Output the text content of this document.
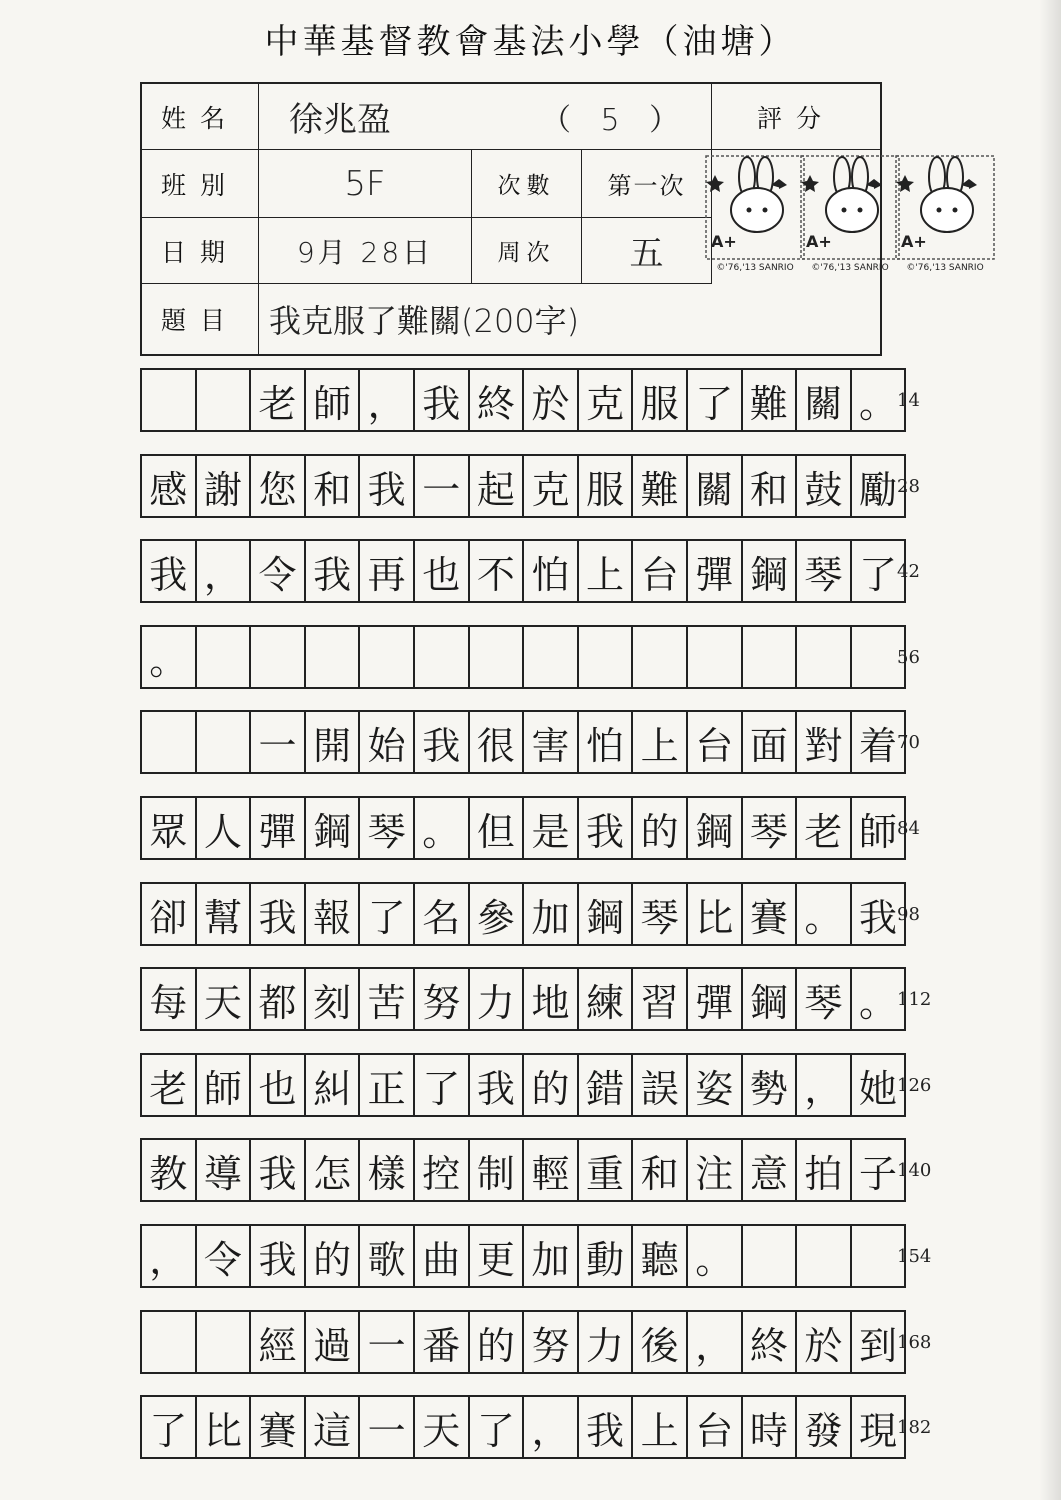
中華基督教會基法小學（油塘）
姓名 徐兆盈	（ 5 ）	評分
班別	5F	次數 第一次
日期 9月 28日	周次 五
題目 我克服了難關(200字)
A+
©'76,'13 SANRIO
A+
©'76,'13 SANRIO
A+
©'76,'13 SANRIO
老 師 ， 我 終 於 克 服 了 難 關 。 14
感 謝 您 和 我 一 起 克 服 難 關 和 鼓 勵 28
我 ， 令 我 再 也 不 怕 上 台 彈 鋼 琴 了 42
。	56
一 開 始 我 很 害 怕 上 台 面 對 着 70
眾 人 彈 鋼 琴 。 但 是 我 的 鋼 琴 老 師 84
卻 幫 我 報 了 名 參 加 鋼 琴 比 賽 。 我 98
每 天 都 刻 苦 努 力 地 練 習 彈 鋼 琴 。 112
老 師 也 糾 正 了 我 的 錯 誤 姿 勢 ， 她 126
教 導 我 怎 樣 控 制 輕 重 和 注 意 拍 子 140
， 令 我 的 歌 曲 更 加 動 聽 。	154
經 過 一 番 的 努 力 後 ， 終 於 到 168
了 比 賽 這 一 天 了 ， 我 上 台 時 發 現 182
